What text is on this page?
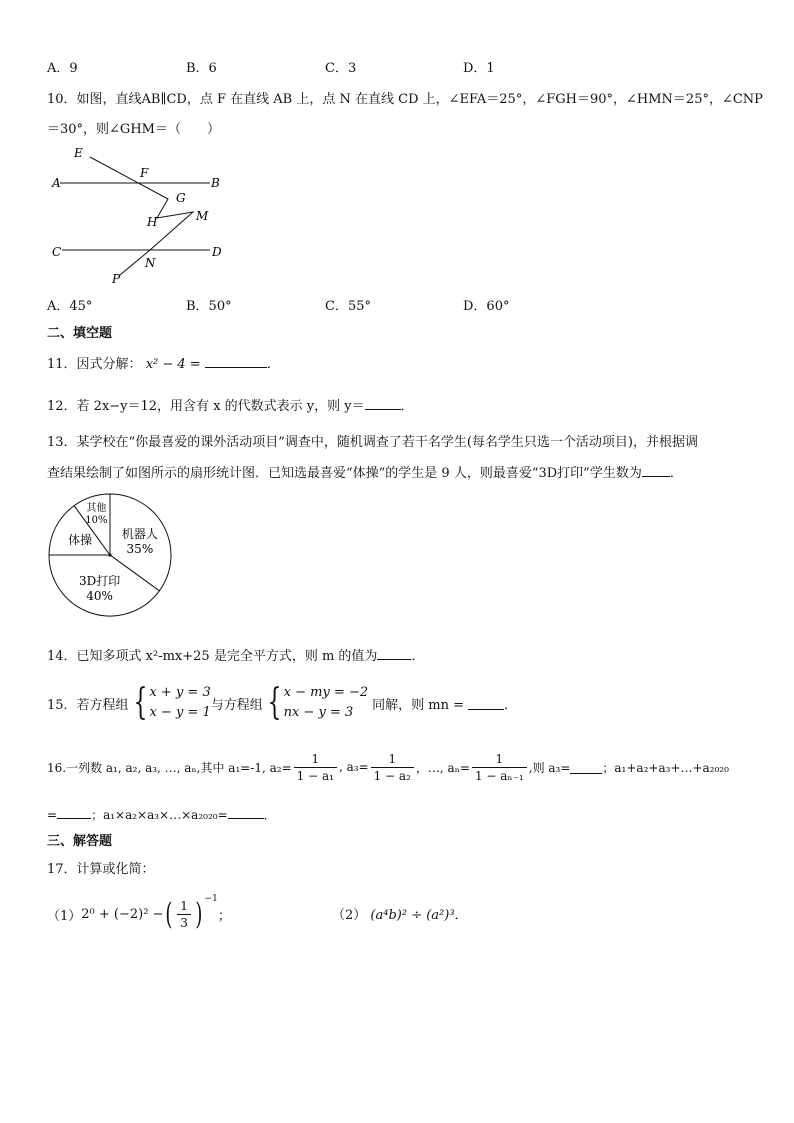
A．9	B．6	C．3	D．1
10．如图，直线AB∥CD，点 F 在直线 AB 上，点 N 在直线 CD 上，∠EFA＝25°，∠FGH＝90°，∠HMN＝25°，∠CNP
＝30°，则∠GHM＝（　　）
E
F
A	B
G
H	M
C	D
N
P
A．45°	B．50°	C．55°	D．60°
二、填空题
11．因式分解： x² − 4 =	．
12．若 2x−y＝12，用含有 x 的代数式表示 y，则 y＝	．
13．某学校在“你最喜爱的课外活动项目”调查中，随机调查了若干名学生(每名学生只选一个活动项目)，并根据调
查结果绘制了如图所示的扇形统计图．已知选最喜爱“体操”的学生是 9 人，则最喜爱“3D打印”学生数为 ．
机器人
35%
3D打印
40%
体操
其他
10%
14．已知多项式 x²-mx+25 是完全平方式，则 m 的值为	．
15．若方程组 { x + y = 3
x − y = 1 与方程组 { x − my = −2
nx − y = 3	同解，则 mn =	．
16.一列数 a₁, a₂, a₃, …, aₙ,其中 a₁=-1, $a_2= \frac{1}{\text{1 − a₁}}$ , $a_3= \frac{1}{\text{1 − a₂}}$ ，…, $a_n= \frac{1}{\text{1 − aₙ₋₁}}$ ,则 a₃=	；a₁+a₂+a₃+…+a₂₀₂₀
=	；a₁×a₂×a₃×…×a₂₀₂₀=	．
三、解答题
17．计算或化简：
（1） 2⁰ + (−2)² − ( $\frac{1}{3}$ ) −1
；	（2） (a⁴b)² ÷ (a²)³．
